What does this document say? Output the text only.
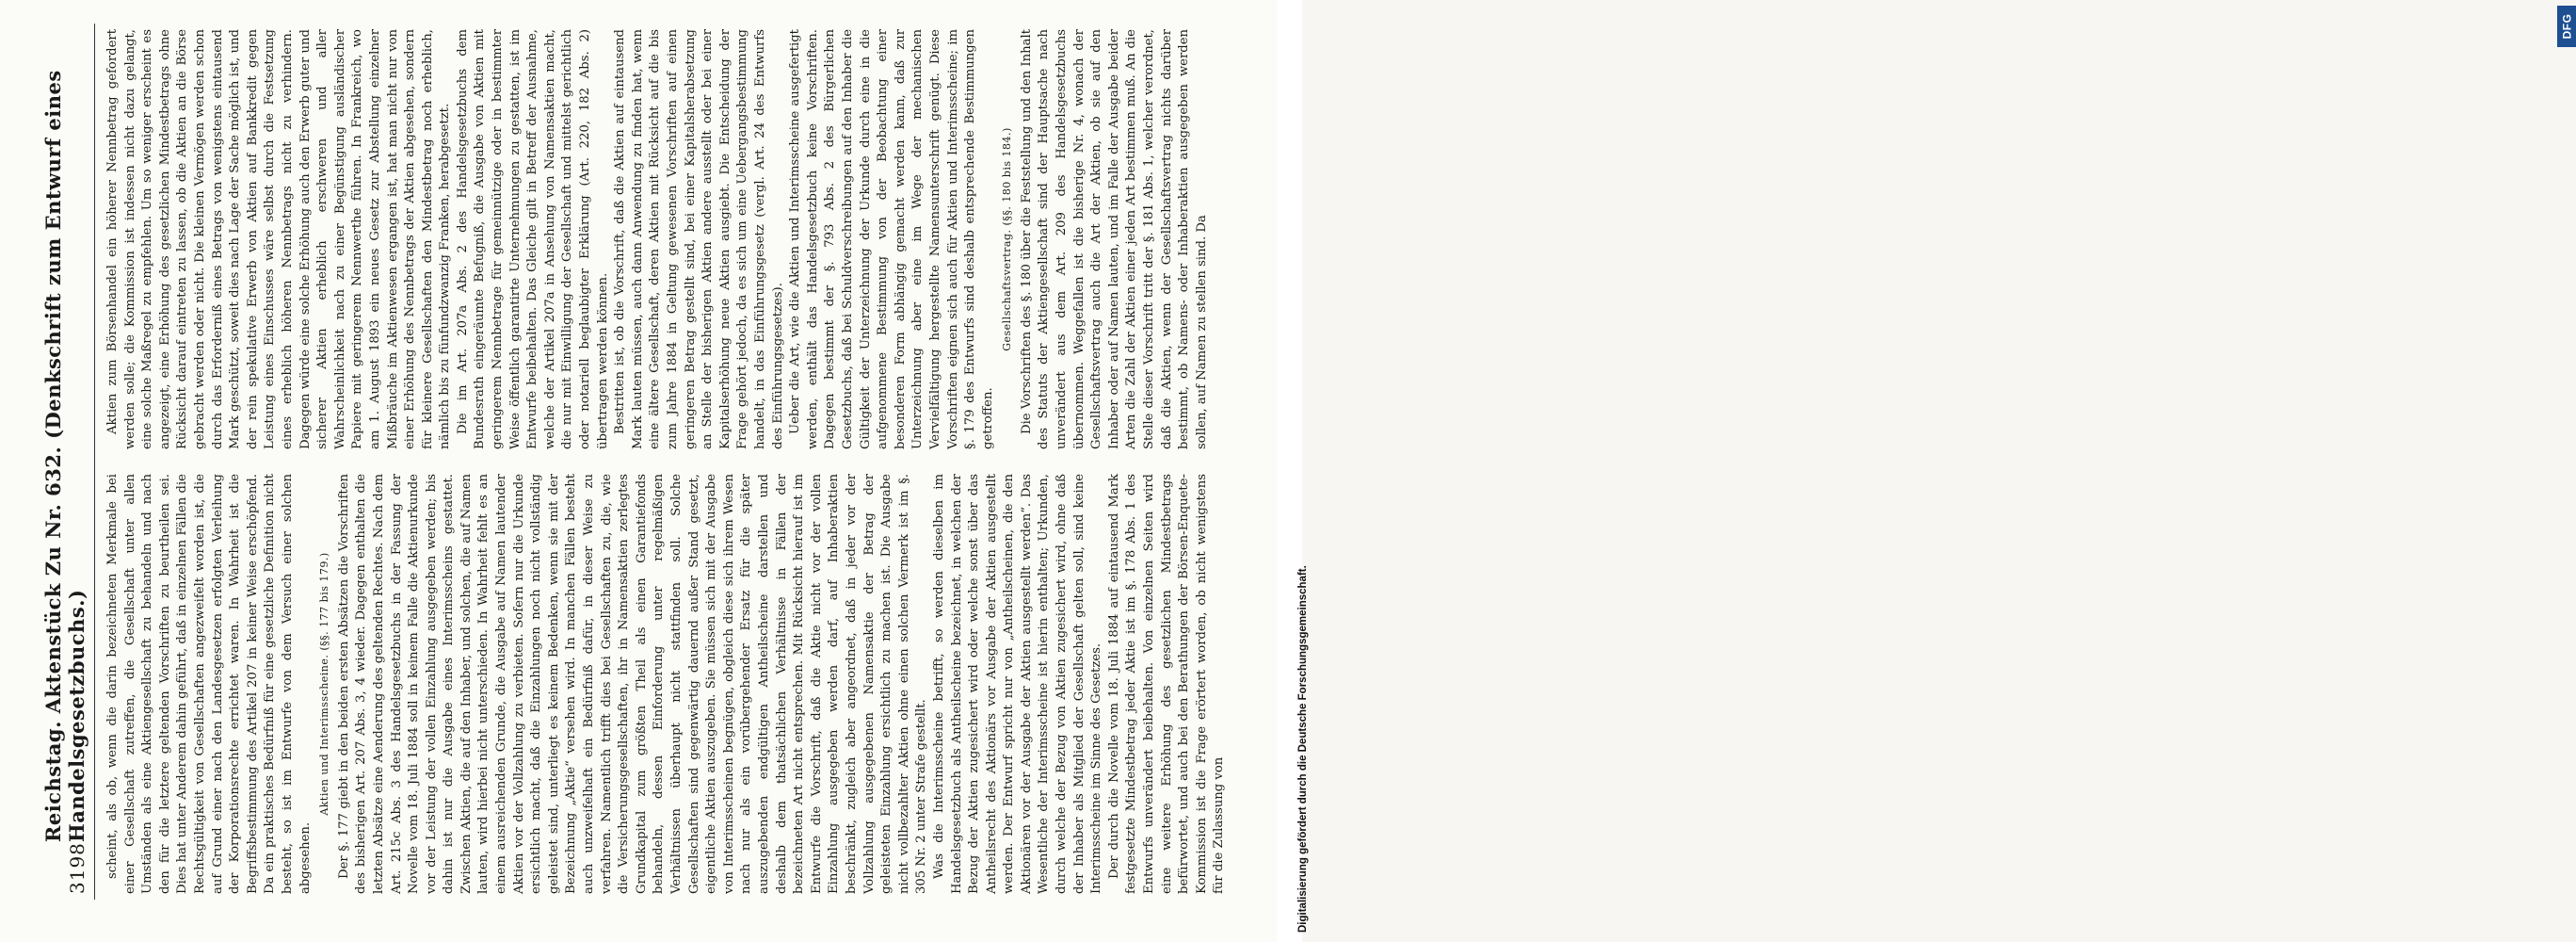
3198
Reichstag. Aktenstück Zu Nr. 632. (Denkschrift zum Entwurf eines Handelsgesetzbuchs.) scheint, als ob, wenn die darin bezeichneten Merkmale bei einer Gesellschaft zutreffen, die Gesellschaft unter allen Umständen als eine Aktiengesellschaft zu behandeln und nach den für die letztere geltenden Vorschriften zu beurtheilen sei. Dies hat unter Anderem dahin geführt, daß in einzelnen Fällen die Rechtsgültigkeit von Gesellschaften angezweifelt worden ist, die auf Grund einer nach den Landesgesetzen erfolgten Verleihung der Korporationsrechte errichtet waren. In Wahrheit ist die Begriffsbestimmung des Artikel 207 in keiner Weise erschöpfend. Da ein praktisches Bedürfniß für eine gesetzliche Definition nicht besteht, so ist im Entwurfe von dem Versuch einer solchen abgesehen.

Aktien und Interimsscheine. (§§. 177 bis 179.) Der §. 177 giebt in den beiden ersten Absätzen die Vorschriften des bisherigen Art. 207 Abs. 3, 4 wieder. Dagegen enthalten die letzten Absätze eine Aenderung des geltenden Rechtes. Nach dem Art. 215c Abs. 3 des Handelsgesetzbuchs in der Fassung der Novelle vom 18. Juli 1884 soll in keinem Falle die Aktienurkunde vor der Leistung der vollen Einzahlung ausgegeben werden; bis dahin ist nur die Ausgabe eines Interimsscheins gestattet. Zwischen Aktien, die auf den Inhaber, und solchen, die auf Namen lauten, wird hierbei nicht unterschieden. In Wahrheit fehlt es an einem ausreichenden Grunde, die Ausgabe auf Namen lautender Aktien vor der Vollzahlung zu verbieten. Sofern nur die Urkunde ersichtlich macht, daß die Einzahlungen noch nicht vollständig geleistet sind, unterliegt es keinem Bedenken, wenn sie mit der Bezeichnung „Aktie“ versehen wird. In manchen Fällen besteht auch unzweifelhaft ein Bedürfniß dafür, in dieser Weise zu verfahren. Namentlich trifft dies bei Gesellschaften zu, die, wie die Versicherungsgesellschaften, ihr in Namensaktien zerlegtes Grundkapital zum größten Theil als einen Garantiefonds behandeln, dessen Einforderung unter regelmäßigen Verhältnissen überhaupt nicht stattfinden soll. Solche Gesellschaften sind gegenwärtig dauernd außer Stand gesetzt, eigentliche Aktien auszugeben. Sie müssen sich mit der Ausgabe von Interimsscheinen begnügen, obgleich diese sich ihrem Wesen nach nur als ein vorübergehender Ersatz für die später auszugebenden endgültigen Antheilscheine darstellen und deshalb dem thatsächlichen Verhältnisse in Fällen der bezeichneten Art nicht entsprechen. Mit Rücksicht hierauf ist im Entwurfe die Vorschrift, daß die Aktie nicht vor der vollen Einzahlung ausgegeben werden darf, auf Inhaberaktien beschränkt, zugleich aber angeordnet, daß in jeder vor der Vollzahlung ausgegebenen Namensaktie der Betrag der geleisteten Einzahlung ersichtlich zu machen ist. Die Ausgabe nicht vollbezahlter Aktien ohne einen solchen Vermerk ist im §. 305 Nr. 2 unter Strafe gestellt. Was die Interimsscheine betrifft, so werden dieselben im Handelsgesetzbuch als Antheilscheine bezeichnet, in welchen der Bezug der Aktien zugesichert wird oder welche sonst über das Antheilsrecht des Aktionärs vor Ausgabe der Aktien ausgestellt werden. Der Entwurf spricht nur von „Antheilscheinen, die den Aktionären vor der Ausgabe der Aktien ausgestellt werden“. Das Wesentliche der Interimsscheine ist hierin enthalten; Urkunden, durch welche der Bezug von Aktien zugesichert wird, ohne daß der Inhaber als Mitglied der Gesellschaft gelten soll, sind keine Interimsscheine im Sinne des Gesetzes. Der durch die Novelle vom 18. Juli 1884 auf eintausend Mark festgesetzte Mindestbetrag jeder Aktie ist im §. 178 Abs. 1 des Entwurfs unverändert beibehalten. Von einzelnen Seiten wird eine weitere Erhöhung des gesetzlichen Mindestbetrags befürwortet, und auch bei den Berathungen der Börsen-Enquete-Kommission ist die Frage erörtert worden, ob nicht wenigstens für die Zulassung von

Aktien zum Börsenhandel ein höherer Nennbetrag gefordert werden solle; die Kommission ist indessen nicht dazu gelangt, eine solche Maßregel zu empfehlen. Um so weniger erscheint es angezeigt, eine Erhöhung des gesetzlichen Mindestbetrags ohne Rücksicht darauf eintreten zu lassen, ob die Aktien an die Börse gebracht werden oder nicht. Die kleinen Vermögen werden schon durch das Erforderniß eines Betrags von wenigstens eintausend Mark geschützt, soweit dies nach Lage der Sache möglich ist, und der rein spekulative Erwerb von Aktien auf Bankkredit gegen Leistung eines Einschusses wäre selbst durch die Festsetzung eines erheblich höheren Nennbetrags nicht zu verhindern. Dagegen würde eine solche Erhöhung auch den Erwerb guter und sicherer Aktien erheblich erschweren und aller Wahrscheinlichkeit nach zu einer Begünstigung ausländischer Papiere mit geringerem Nennwerthe führen. In Frankreich, wo am 1. August 1893 ein neues Gesetz zur Abstellung einzelner Mißbräuche im Aktienwesen ergangen ist, hat man nicht nur von einer Erhöhung des Nennbetrags der Aktien abgesehen, sondern für kleinere Gesellschaften den Mindestbetrag noch erheblich, nämlich bis zu fünfundzwanzig Franken, herabgesetzt. Die im Art. 207a Abs. 2 des Handelsgesetzbuchs dem Bundesrath eingeräumte Befugniß, die Ausgabe von Aktien mit geringerem Nennbetrage für gemeinnützige oder in bestimmter Weise öffentlich garantirte Unternehmungen zu gestatten, ist im Entwurfe beibehalten. Das Gleiche gilt in Betreff der Ausnahme, welche der Artikel 207a in Ansehung von Namensaktien macht, die nur mit Einwilligung der Gesellschaft und mittelst gerichtlich oder notariell beglaubigter Erklärung (Art. 220, 182 Abs. 2) übertragen werden können. Bestritten ist, ob die Vorschrift, daß die Aktien auf eintausend Mark lauten müssen, auch dann Anwendung zu finden hat, wenn eine ältere Gesellschaft, deren Aktien mit Rücksicht auf die bis zum Jahre 1884 in Geltung gewesenen Vorschriften auf einen geringeren Betrag gestellt sind, bei einer Kapitalsherabsetzung an Stelle der bisherigen Aktien andere ausstellt oder bei einer Kapitalserhöhung neue Aktien ausgiebt. Die Entscheidung der Frage gehört jedoch, da es sich um eine Uebergangsbestimmung handelt, in das Einführungsgesetz (vergl. Art. 24 des Entwurfs des Einführungsgesetzes). Ueber die Art, wie die Aktien und Interimsscheine ausgefertigt werden, enthält das Handelsgesetzbuch keine Vorschriften. Dagegen bestimmt der §. 793 Abs. 2 des Bürgerlichen Gesetzbuchs, daß bei Schuldverschreibungen auf den Inhaber die Gültigkeit der Unterzeichnung der Urkunde durch eine in die aufgenommene Bestimmung von der Beobachtung einer besonderen Form abhängig gemacht werden kann, daß zur Unterzeichnung aber eine im Wege der mechanischen Vervielfältigung hergestellte Namensunterschrift genügt. Diese Vorschriften eignen sich auch für Aktien und Interimsscheine; im §. 179 des Entwurfs sind deshalb entsprechende Bestimmungen getroffen.

Gesellschaftsvertrag. (§§. 180 bis 184.) Die Vorschriften des §. 180 über die Feststellung und den Inhalt des Statuts der Aktiengesellschaft sind der Hauptsache nach unverändert aus dem Art. 209 des Handelsgesetzbuchs übernommen. Weggefallen ist die bisherige Nr. 4, wonach der Gesellschaftsvertrag auch die Art der Aktien, ob sie auf den Inhaber oder auf Namen lauten, und im Falle der Ausgabe beider Arten die Zahl der Aktien einer jeden Art bestimmen muß. An die Stelle dieser Vorschrift tritt der §. 181 Abs. 1, welcher verordnet, daß die Aktien, wenn der Gesellschaftsvertrag nichts darüber bestimmt, ob Namens- oder Inhaberaktien ausgegeben werden sollen, auf Namen zu stellen sind. Da

DFG
Digitalisierung gefördert durch die Deutsche Forschungsgemeinschaft.
